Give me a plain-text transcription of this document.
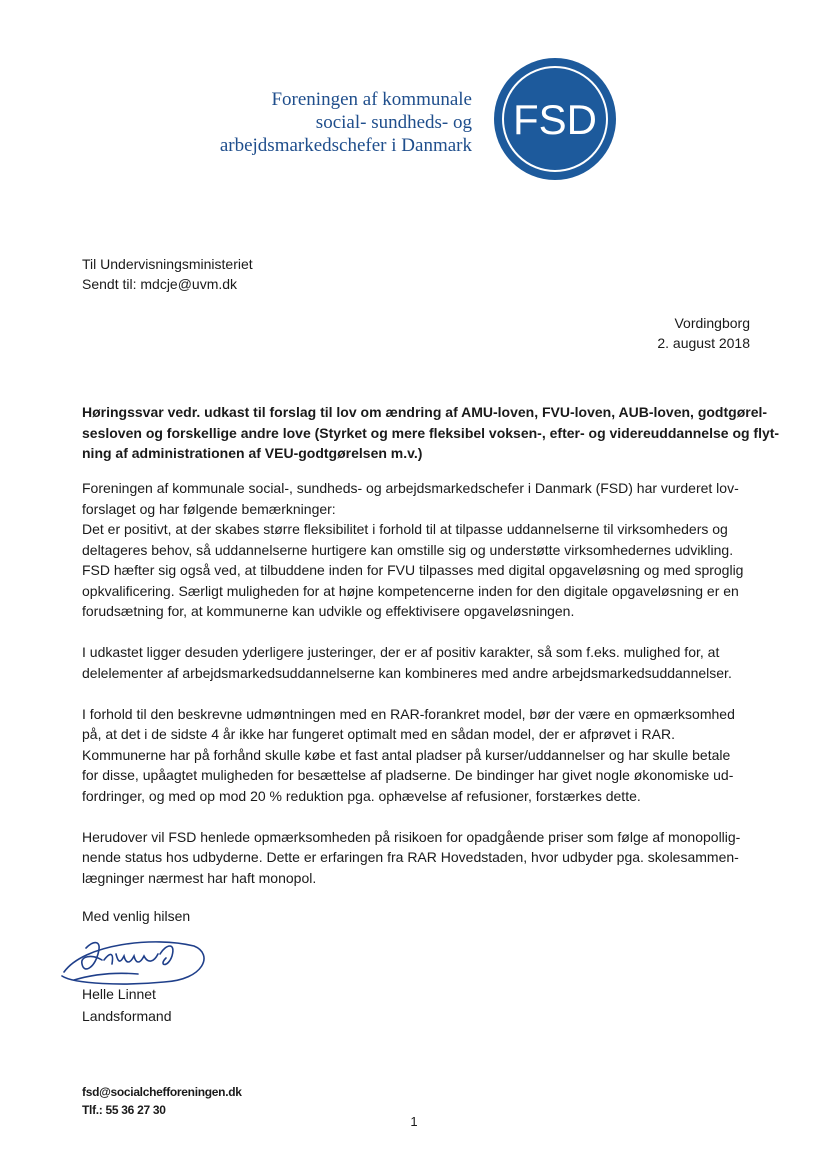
Foreningen af kommunale
social- sundheds- og
arbejdsmarkedschefer i Danmark
FSD
Til Undervisningsministeriet
Sendt til: mdcje@uvm.dk
Vordingborg
2. august 2018
Høringssvar vedr. udkast til forslag til lov om ændring af AMU-loven, FVU-loven, AUB-loven, godtgørel-
sesloven og forskellige andre love (Styrket og mere fleksibel voksen-, efter- og videreuddannelse og flyt-
ning af administrationen af VEU-godtgørelsen m.v.)

Foreningen af kommunale social-, sundheds- og arbejdsmarkedschefer i Danmark (FSD) har vurderet lov-
forslaget og har følgende bemærkninger:
Det er positivt, at der skabes større fleksibilitet i forhold til at tilpasse uddannelserne til virksomheders og
deltageres behov, så uddannelserne hurtigere kan omstille sig og understøtte virksomhedernes udvikling.
FSD hæfter sig også ved, at tilbuddene inden for FVU tilpasses med digital opgaveløsning og med sproglig
opkvalificering. Særligt muligheden for at højne kompetencerne inden for den digitale opgaveløsning er en
forudsætning for, at kommunerne kan udvikle og effektivisere opgaveløsningen.

I udkastet ligger desuden yderligere justeringer, der er af positiv karakter, så som f.eks. mulighed for, at
delelementer af arbejdsmarkedsuddannelserne kan kombineres med andre arbejdsmarkedsuddannelser.

I forhold til den beskrevne udmøntningen med en RAR-forankret model, bør der være en opmærksomhed
på, at det i de sidste 4 år ikke har fungeret optimalt med en sådan model, der er afprøvet i RAR.
Kommunerne har på forhånd skulle købe et fast antal pladser på kurser/uddannelser og har skulle betale
for disse, upåagtet muligheden for besættelse af pladserne. De bindinger har givet nogle økonomiske ud-
fordringer, og med op mod 20 % reduktion pga. ophævelse af refusioner, forstærkes dette.

Herudover vil FSD henlede opmærksomheden på risikoen for opadgående priser som følge af monopollig-
nende status hos udbyderne. Dette er erfaringen fra RAR Hovedstaden, hvor udbyder pga. skolesammen-
lægninger nærmest har haft monopol.

Med venlig hilsen
Helle Linnet
Landsformand
fsd@socialchefforeningen.dk
Tlf.: 55 36 27 30
1
